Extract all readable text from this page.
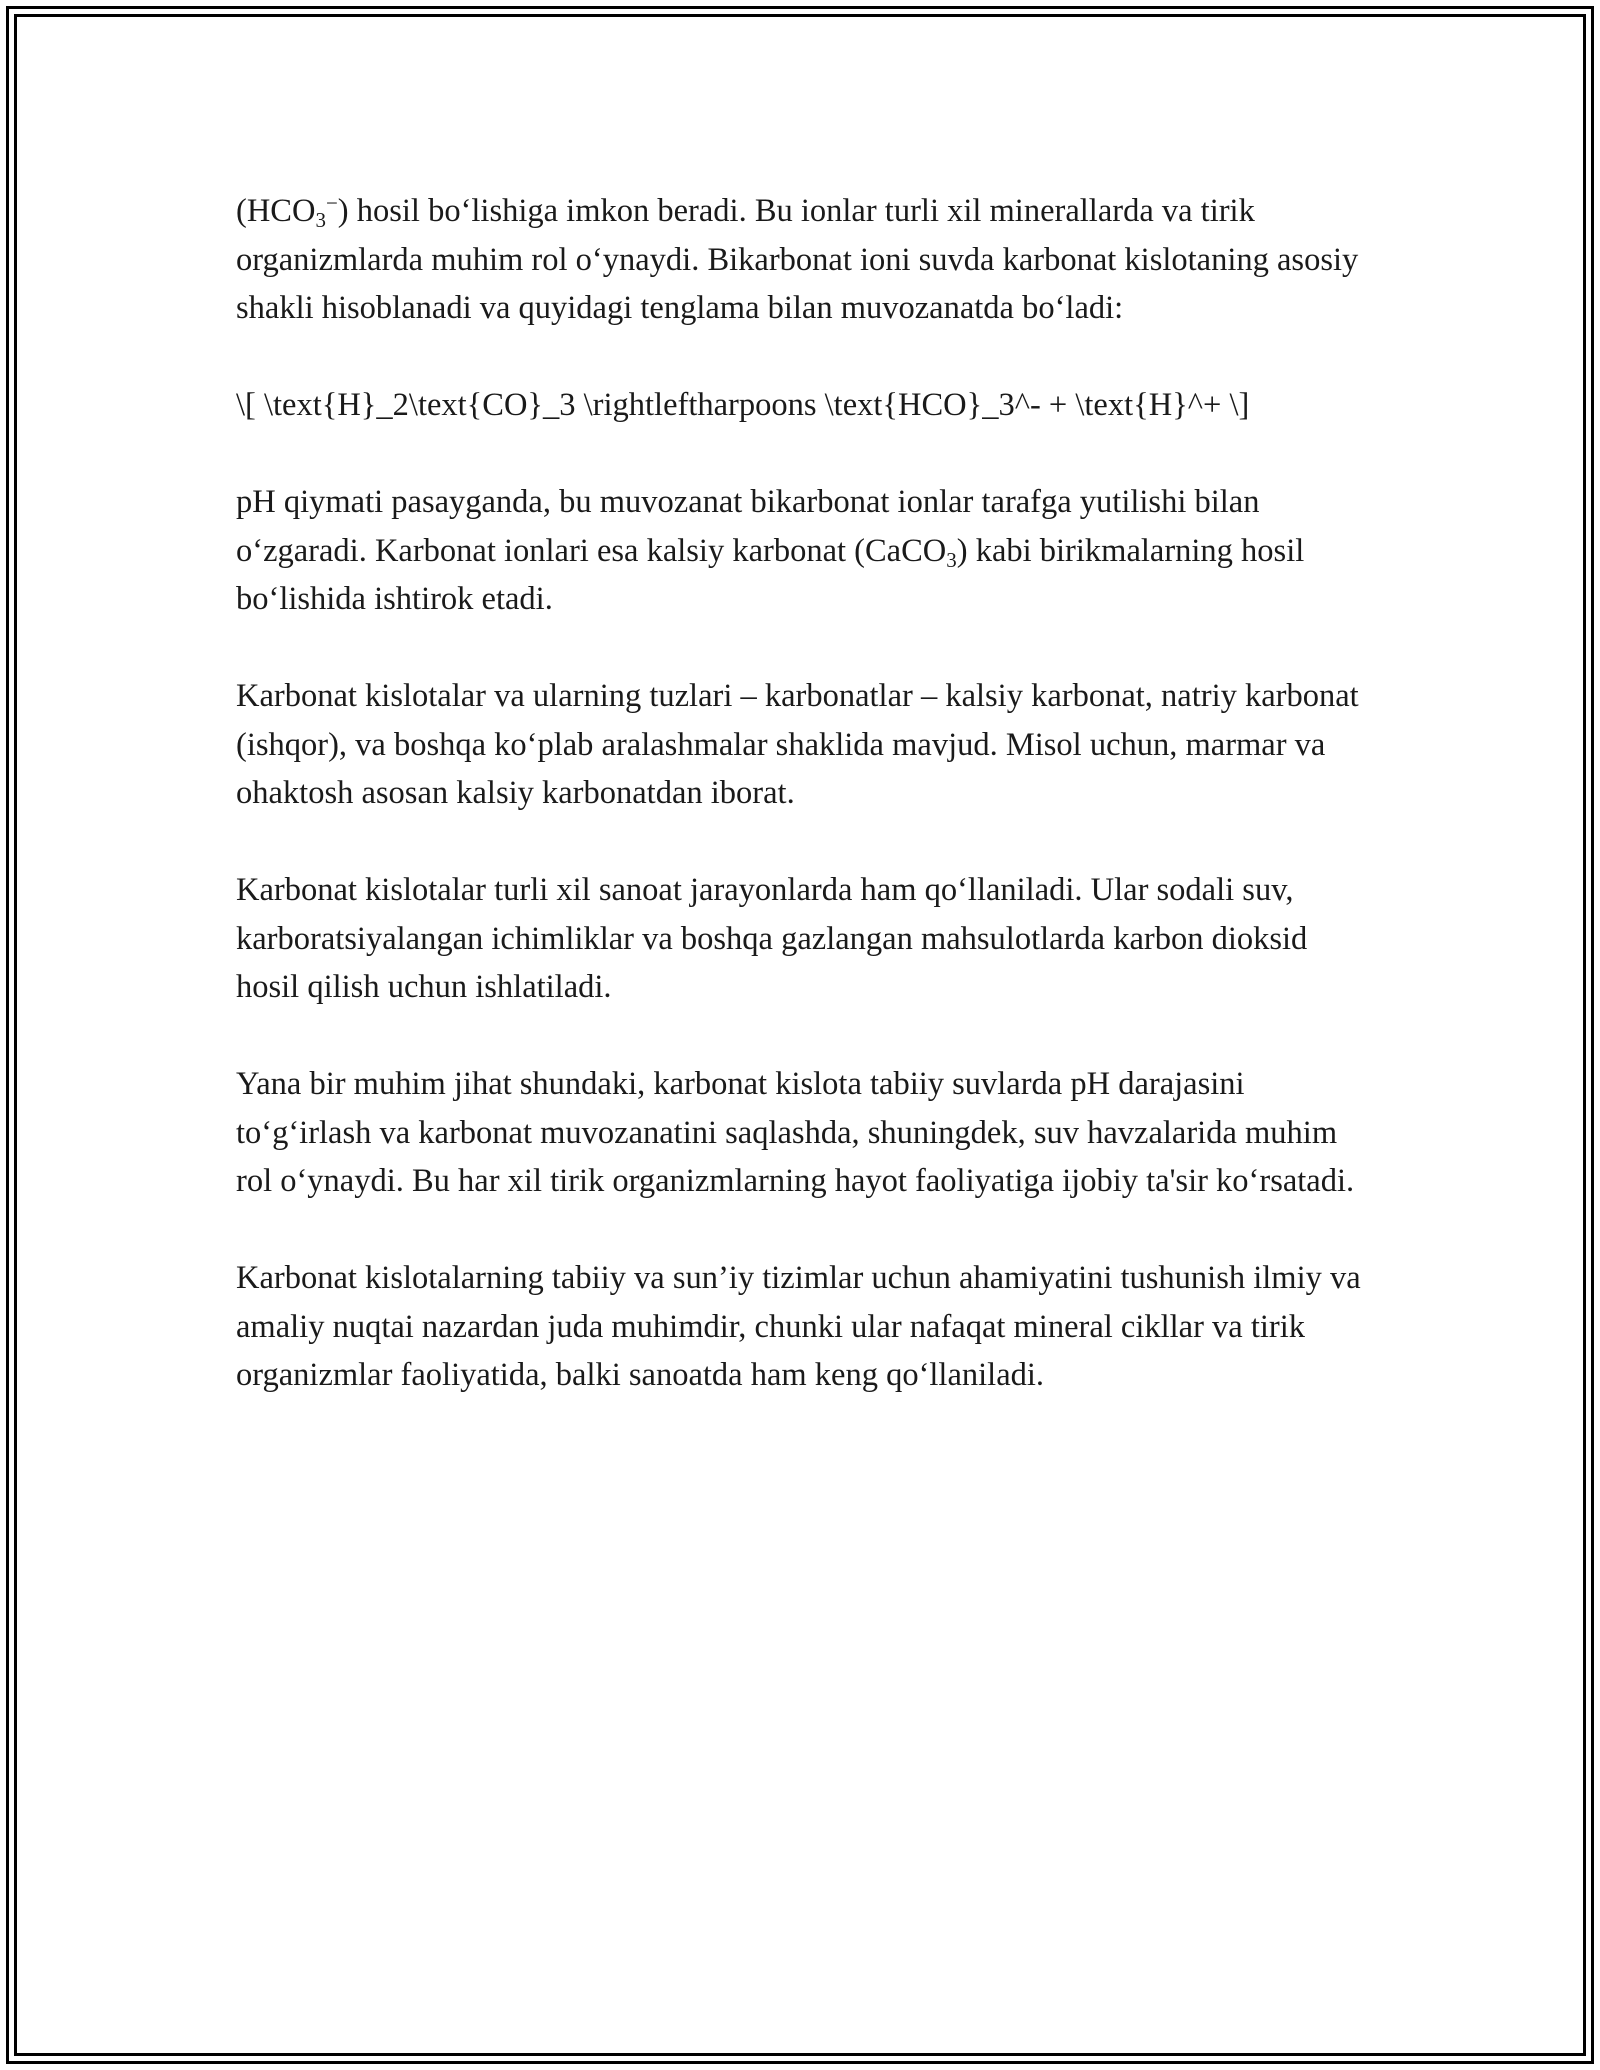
$(HCO_3^-)$ hosil bo‘lishiga imkon beradi. Bu ionlar turli xil minerallarda va tirik organizmlarda muhim rol o‘ynaydi. Bikarbonat ioni suvda karbonat kislotaning asosiy shakli hisoblanadi va quyidagi tenglama bilan muvozanatda bo‘ladi:

\[ \text{H}_2\text{CO}_3 \rightleftharpoons \text{HCO}_3^- + \text{H}^+ \]

pH qiymati pasayganda, bu muvozanat bikarbonat ionlar tarafga yutilishi bilan o‘zgaradi. Karbonat ionlari esa kalsiy karbonat (CaCO$_3$) kabi birikmalarning hosil bo‘lishida ishtirok etadi.

Karbonat kislotalar va ularning tuzlari – karbonatlar – kalsiy karbonat, natriy karbonat (ishqor), va boshqa ko‘plab aralashmalar shaklida mavjud. Misol uchun, marmar va ohaktosh asosan kalsiy karbonatdan iborat.

Karbonat kislotalar turli xil sanoat jarayonlarda ham qo‘llaniladi. Ular sodali suv, karboratsiyalangan ichimliklar va boshqa gazlangan mahsulotlarda karbon dioksid hosil qilish uchun ishlatiladi.

Yana bir muhim jihat shundaki, karbonat kislota tabiiy suvlarda pH darajasini to‘g‘irlash va karbonat muvozanatini saqlashda, shuningdek, suv havzalarida muhim rol o‘ynaydi. Bu har xil tirik organizmlarning hayot faoliyatiga ijobiy ta'sir ko‘rsatadi.

Karbonat kislotalarning tabiiy va sun’iy tizimlar uchun ahamiyatini tushunish ilmiy va amaliy nuqtai nazardan juda muhimdir, chunki ular nafaqat mineral cikllar va tirik organizmlar faoliyatida, balki sanoatda ham keng qo‘llaniladi.
